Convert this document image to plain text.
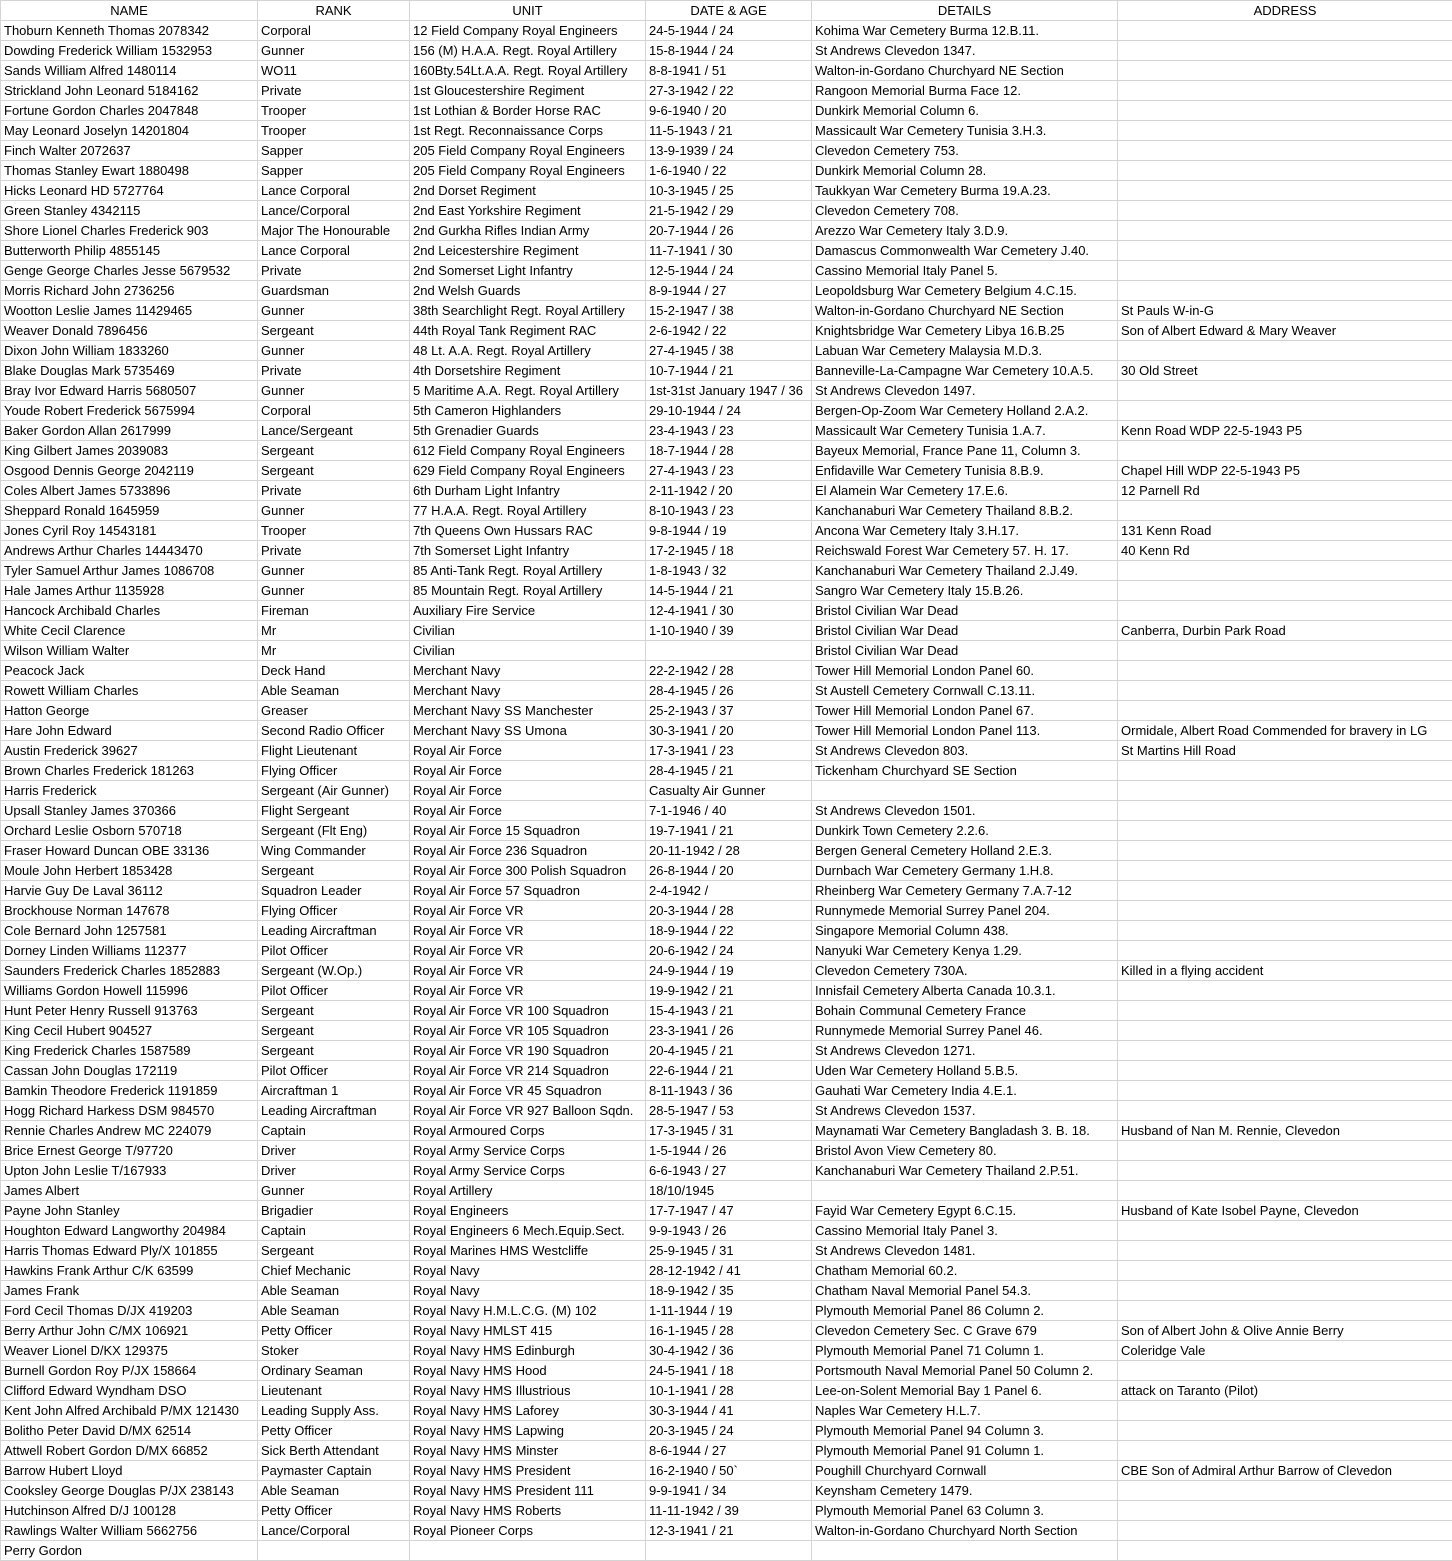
NAME	RANK	UNIT	DATE & AGE	DETAILS	ADDRESS
Thoburn Kenneth Thomas 2078342	Corporal	12 Field Company Royal Engineers	24-5-1944 / 24	Kohima War Cemetery Burma 12.B.11.	
Dowding Frederick William 1532953	Gunner	156 (M) H.A.A. Regt. Royal Artillery	15-8-1944 / 24	St Andrews Clevedon 1347.	
Sands William Alfred 1480114	WO11	160Bty.54Lt.A.A. Regt. Royal Artillery	8-8-1941 / 51	Walton-in-Gordano Churchyard NE Section	
Strickland John Leonard 5184162	Private	1st Gloucestershire Regiment	27-3-1942 / 22	Rangoon Memorial Burma Face 12.	
Fortune Gordon Charles 2047848	Trooper	1st Lothian & Border Horse RAC	9-6-1940 / 20	Dunkirk Memorial Column 6.	
May Leonard Joselyn 14201804	Trooper	1st Regt. Reconnaissance Corps	11-5-1943 / 21	Massicault War Cemetery Tunisia 3.H.3.	
Finch Walter 2072637	Sapper	205 Field Company Royal Engineers	13-9-1939 / 24	Clevedon Cemetery 753.	
Thomas Stanley Ewart 1880498	Sapper	205 Field Company Royal Engineers	1-6-1940 / 22	Dunkirk Memorial Column 28.	
Hicks Leonard HD 5727764	Lance Corporal	2nd Dorset Regiment	10-3-1945 / 25	Taukkyan War Cemetery Burma 19.A.23.	
Green Stanley 4342115	Lance/Corporal	2nd East Yorkshire Regiment	21-5-1942 / 29	Clevedon Cemetery 708.	
Shore Lionel Charles Frederick 903	Major The Honourable	2nd Gurkha Rifles Indian Army	20-7-1944 / 26	Arezzo War Cemetery Italy 3.D.9.	
Butterworth Philip 4855145	Lance Corporal	2nd Leicestershire Regiment	11-7-1941 / 30	Damascus Commonwealth War Cemetery J.40.	
Genge George Charles Jesse 5679532	Private	2nd Somerset Light Infantry	12-5-1944 / 24	Cassino Memorial Italy Panel 5.	
Morris Richard John 2736256	Guardsman	2nd Welsh Guards	8-9-1944 / 27	Leopoldsburg War Cemetery Belgium 4.C.15.	
Wootton Leslie James 11429465	Gunner	38th Searchlight Regt. Royal Artillery	15-2-1947 / 38	Walton-in-Gordano Churchyard NE Section	St Pauls W-in-G
Weaver Donald 7896456	Sergeant	44th Royal Tank Regiment RAC	2-6-1942 / 22	Knightsbridge War Cemetery Libya 16.B.25	Son of Albert Edward & Mary Weaver
Dixon John William 1833260	Gunner	48 Lt. A.A. Regt. Royal Artillery	27-4-1945 / 38	Labuan War Cemetery Malaysia M.D.3.	
Blake Douglas Mark 5735469	Private	4th Dorsetshire Regiment	10-7-1944 / 21	Banneville-La-Campagne War Cemetery 10.A.5.	30 Old Street
Bray Ivor Edward Harris 5680507	Gunner	5 Maritime A.A. Regt. Royal Artillery	1st-31st January 1947 / 36	St Andrews Clevedon 1497.	
Youde Robert Frederick 5675994	Corporal	5th Cameron Highlanders	29-10-1944 / 24	Bergen-Op-Zoom War Cemetery Holland 2.A.2.	
Baker Gordon Allan 2617999	Lance/Sergeant	5th Grenadier Guards	23-4-1943 / 23	Massicault War Cemetery Tunisia 1.A.7.	Kenn Road WDP 22-5-1943 P5
King Gilbert James 2039083	Sergeant	612 Field Company Royal Engineers	18-7-1944 / 28	Bayeux Memorial, France Pane 11, Column 3.	
Osgood Dennis George 2042119	Sergeant	629 Field Company Royal Engineers	27-4-1943 / 23	Enfidaville War Cemetery Tunisia 8.B.9.	Chapel Hill WDP 22-5-1943 P5
Coles Albert James 5733896	Private	6th Durham Light Infantry	2-11-1942 / 20	El Alamein War Cemetery 17.E.6.	12 Parnell Rd
Sheppard Ronald 1645959	Gunner	77 H.A.A. Regt. Royal Artillery	8-10-1943 / 23	Kanchanaburi War Cemetery Thailand 8.B.2.	
Jones Cyril Roy 14543181	Trooper	7th Queens Own Hussars RAC	9-8-1944 / 19	Ancona War Cemetery Italy 3.H.17.	131 Kenn Road
Andrews Arthur Charles 14443470	Private	7th Somerset Light Infantry	17-2-1945 / 18	Reichswald Forest War Cemetery 57. H. 17.	40 Kenn Rd
Tyler Samuel Arthur James 1086708	Gunner	85 Anti-Tank Regt. Royal Artillery	1-8-1943 / 32	Kanchanaburi War Cemetery Thailand 2.J.49.	
Hale James Arthur 1135928	Gunner	85 Mountain Regt. Royal Artillery	14-5-1944 / 21	Sangro War Cemetery Italy 15.B.26.	
Hancock Archibald Charles	Fireman	Auxiliary Fire Service	12-4-1941 / 30	Bristol Civilian War Dead	
White Cecil Clarence	Mr	Civilian	1-10-1940 / 39	Bristol Civilian War Dead	Canberra, Durbin Park Road
Wilson William Walter	Mr	Civilian		Bristol Civilian War Dead	
Peacock Jack	Deck Hand	Merchant Navy	22-2-1942 / 28	Tower Hill Memorial London Panel 60.	
Rowett William Charles	Able Seaman	Merchant Navy	28-4-1945 / 26	St Austell Cemetery Cornwall C.13.11.	
Hatton George	Greaser	Merchant Navy SS Manchester	25-2-1943 / 37	Tower Hill Memorial London Panel 67.	
Hare John Edward	Second Radio Officer	Merchant Navy SS Umona	30-3-1941 / 20	Tower Hill Memorial London Panel 113.	Ormidale, Albert Road Commended for bravery in LG
Austin Frederick 39627	Flight Lieutenant	Royal Air Force	17-3-1941 / 23	St Andrews Clevedon 803.	St Martins Hill Road
Brown Charles Frederick 181263	Flying Officer	Royal Air Force	28-4-1945 / 21	Tickenham Churchyard SE Section	
Harris Frederick	Sergeant (Air Gunner)	Royal Air Force	Casualty Air Gunner		
Upsall Stanley James 370366	Flight Sergeant	Royal Air Force	7-1-1946 / 40	St Andrews Clevedon 1501.	
Orchard Leslie Osborn 570718	Sergeant (Flt Eng)	Royal Air Force 15 Squadron	19-7-1941 / 21	Dunkirk Town Cemetery 2.2.6.	
Fraser Howard Duncan OBE 33136	Wing Commander	Royal Air Force 236 Squadron	20-11-1942 / 28	Bergen General Cemetery Holland 2.E.3.	
Moule John Herbert 1853428	Sergeant	Royal Air Force 300 Polish Squadron	26-8-1944 / 20	Durnbach War Cemetery Germany 1.H.8.	
Harvie Guy De Laval 36112	Squadron Leader	Royal Air Force 57 Squadron	2-4-1942 /	Rheinberg War Cemetery Germany 7.A.7-12	
Brockhouse Norman 147678	Flying Officer	Royal Air Force VR	20-3-1944 / 28	Runnymede Memorial Surrey Panel 204.	
Cole Bernard John 1257581	Leading Aircraftman	Royal Air Force VR	18-9-1944 / 22	Singapore Memorial Column 438.	
Dorney Linden Williams 112377	Pilot Officer	Royal Air Force VR	20-6-1942 / 24	Nanyuki War Cemetery Kenya 1.29.	
Saunders Frederick Charles 1852883	Sergeant (W.Op.)	Royal Air Force VR	24-9-1944 / 19	Clevedon Cemetery 730A.	Killed in a flying accident
Williams Gordon Howell 115996	Pilot Officer	Royal Air Force VR	19-9-1942 / 21	Innisfail Cemetery Alberta Canada 10.3.1.	
Hunt Peter Henry Russell 913763	Sergeant	Royal Air Force VR 100 Squadron	15-4-1943 / 21	Bohain Communal Cemetery France	
King Cecil Hubert 904527	Sergeant	Royal Air Force VR 105 Squadron	23-3-1941 / 26	Runnymede Memorial Surrey Panel 46.	
King Frederick Charles 1587589	Sergeant	Royal Air Force VR 190 Squadron	20-4-1945 / 21	St Andrews Clevedon 1271.	
Cassan John Douglas 172119	Pilot Officer	Royal Air Force VR 214 Squadron	22-6-1944 / 21	Uden War Cemetery Holland 5.B.5.	
Bamkin Theodore Frederick 1191859	Aircraftman 1	Royal Air Force VR 45 Squadron	8-11-1943 / 36	Gauhati War Cemetery India 4.E.1.	
Hogg Richard Harkess DSM 984570	Leading Aircraftman	Royal Air Force VR 927 Balloon Sqdn.	28-5-1947 / 53	St Andrews Clevedon 1537.	
Rennie Charles Andrew MC 224079	Captain	Royal Armoured Corps	17-3-1945 / 31	Maynamati War Cemetery Bangladash 3. B. 18.	Husband of Nan M. Rennie, Clevedon
Brice Ernest George T/97720	Driver	Royal Army Service Corps	1-5-1944 / 26	Bristol Avon View Cemetery 80.	
Upton John Leslie T/167933	Driver	Royal Army Service Corps	6-6-1943 / 27	Kanchanaburi War Cemetery Thailand 2.P.51.	
James Albert	Gunner	Royal Artillery	18/10/1945		
Payne John Stanley	Brigadier	Royal Engineers	17-7-1947 / 47	Fayid War Cemetery Egypt 6.C.15.	Husband of Kate Isobel Payne, Clevedon
Houghton Edward Langworthy 204984	Captain	Royal Engineers 6 Mech.Equip.Sect.	9-9-1943 / 26	Cassino Memorial Italy Panel 3.	
Harris Thomas Edward Ply/X 101855	Sergeant	Royal Marines HMS Westcliffe	25-9-1945 / 31	St Andrews Clevedon 1481.	
Hawkins Frank Arthur C/K 63599	Chief Mechanic	Royal Navy	28-12-1942 / 41	Chatham Memorial 60.2.	
James Frank	Able Seaman	Royal Navy	18-9-1942 / 35	Chatham Naval Memorial Panel 54.3.	
Ford Cecil Thomas D/JX 419203	Able Seaman	Royal Navy H.M.L.C.G. (M) 102	1-11-1944 / 19	Plymouth Memorial Panel 86 Column 2.	
Berry Arthur John C/MX 106921	Petty Officer	Royal Navy HMLST 415	16-1-1945 / 28	Clevedon Cemetery Sec. C Grave 679	Son of Albert John & Olive Annie Berry
Weaver Lionel D/KX 129375	Stoker	Royal Navy HMS Edinburgh	30-4-1942 / 36	Plymouth Memorial Panel 71 Column 1.	Coleridge Vale
Burnell Gordon Roy P/JX 158664	Ordinary Seaman	Royal Navy HMS Hood	24-5-1941 / 18	Portsmouth Naval Memorial Panel 50 Column 2.	
Clifford Edward Wyndham DSO	Lieutenant	Royal Navy HMS Illustrious	10-1-1941 / 28	Lee-on-Solent Memorial Bay 1 Panel 6.	attack on Taranto (Pilot)
Kent John Alfred Archibald P/MX 121430	Leading Supply Ass.	Royal Navy HMS Laforey	30-3-1944 / 41	Naples War Cemetery H.L.7.	
Bolitho Peter David D/MX 62514	Petty Officer	Royal Navy HMS Lapwing	20-3-1945 / 24	Plymouth Memorial Panel 94 Column 3.	
Attwell Robert Gordon D/MX 66852	Sick Berth Attendant	Royal Navy HMS Minster	8-6-1944 / 27	Plymouth Memorial Panel 91 Column 1.	
Barrow Hubert Lloyd	Paymaster Captain	Royal Navy HMS President	16-2-1940 / 50`	Poughill Churchyard Cornwall	CBE Son of Admiral Arthur Barrow of Clevedon
Cooksley George Douglas P/JX 238143	Able Seaman	Royal Navy HMS President 111	9-9-1941 / 34	Keynsham Cemetery 1479.	
Hutchinson Alfred D/J 100128	Petty Officer	Royal Navy HMS Roberts	11-11-1942 / 39	Plymouth Memorial Panel 63 Column 3.	
Rawlings Walter William 5662756	Lance/Corporal	Royal Pioneer Corps	12-3-1941 / 21	Walton-in-Gordano Churchyard North Section	
Perry Gordon					
